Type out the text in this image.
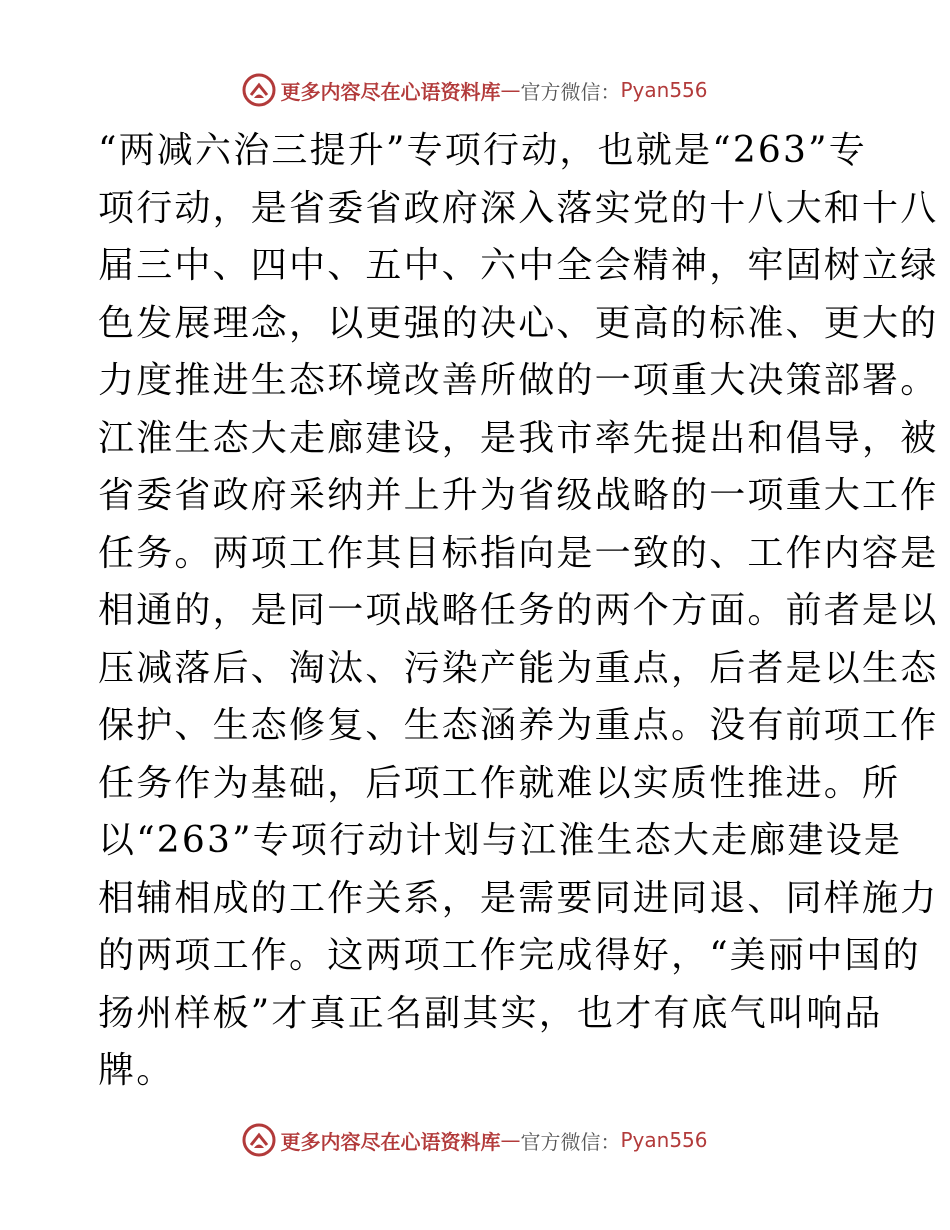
更多内容尽在心语资料库 — 官方微信： Pyan556
“两减六治三提升”专项行动，也就是“263”专
项行动，是省委省政府深入落实党的十八大和十八
届三中、四中、五中、六中全会精神，牢固树立绿
色发展理念，以更强的决心、更高的标准、更大的
力度推进生态环境改善所做的一项重大决策部署。
江淮生态大走廊建设，是我市率先提出和倡导，被
省委省政府采纳并上升为省级战略的一项重大工作
任务。两项工作其目标指向是一致的、工作内容是
相通的，是同一项战略任务的两个方面。前者是以
压减落后、淘汰、污染产能为重点，后者是以生态
保护、生态修复、生态涵养为重点。没有前项工作
任务作为基础，后项工作就难以实质性推进。所
以“263”专项行动计划与江淮生态大走廊建设是
相辅相成的工作关系，是需要同进同退、同样施力
的两项工作。这两项工作完成得好，“美丽中国的
扬州样板”才真正名副其实，也才有底气叫响品
牌。
更多内容尽在心语资料库 — 官方微信： Pyan556
